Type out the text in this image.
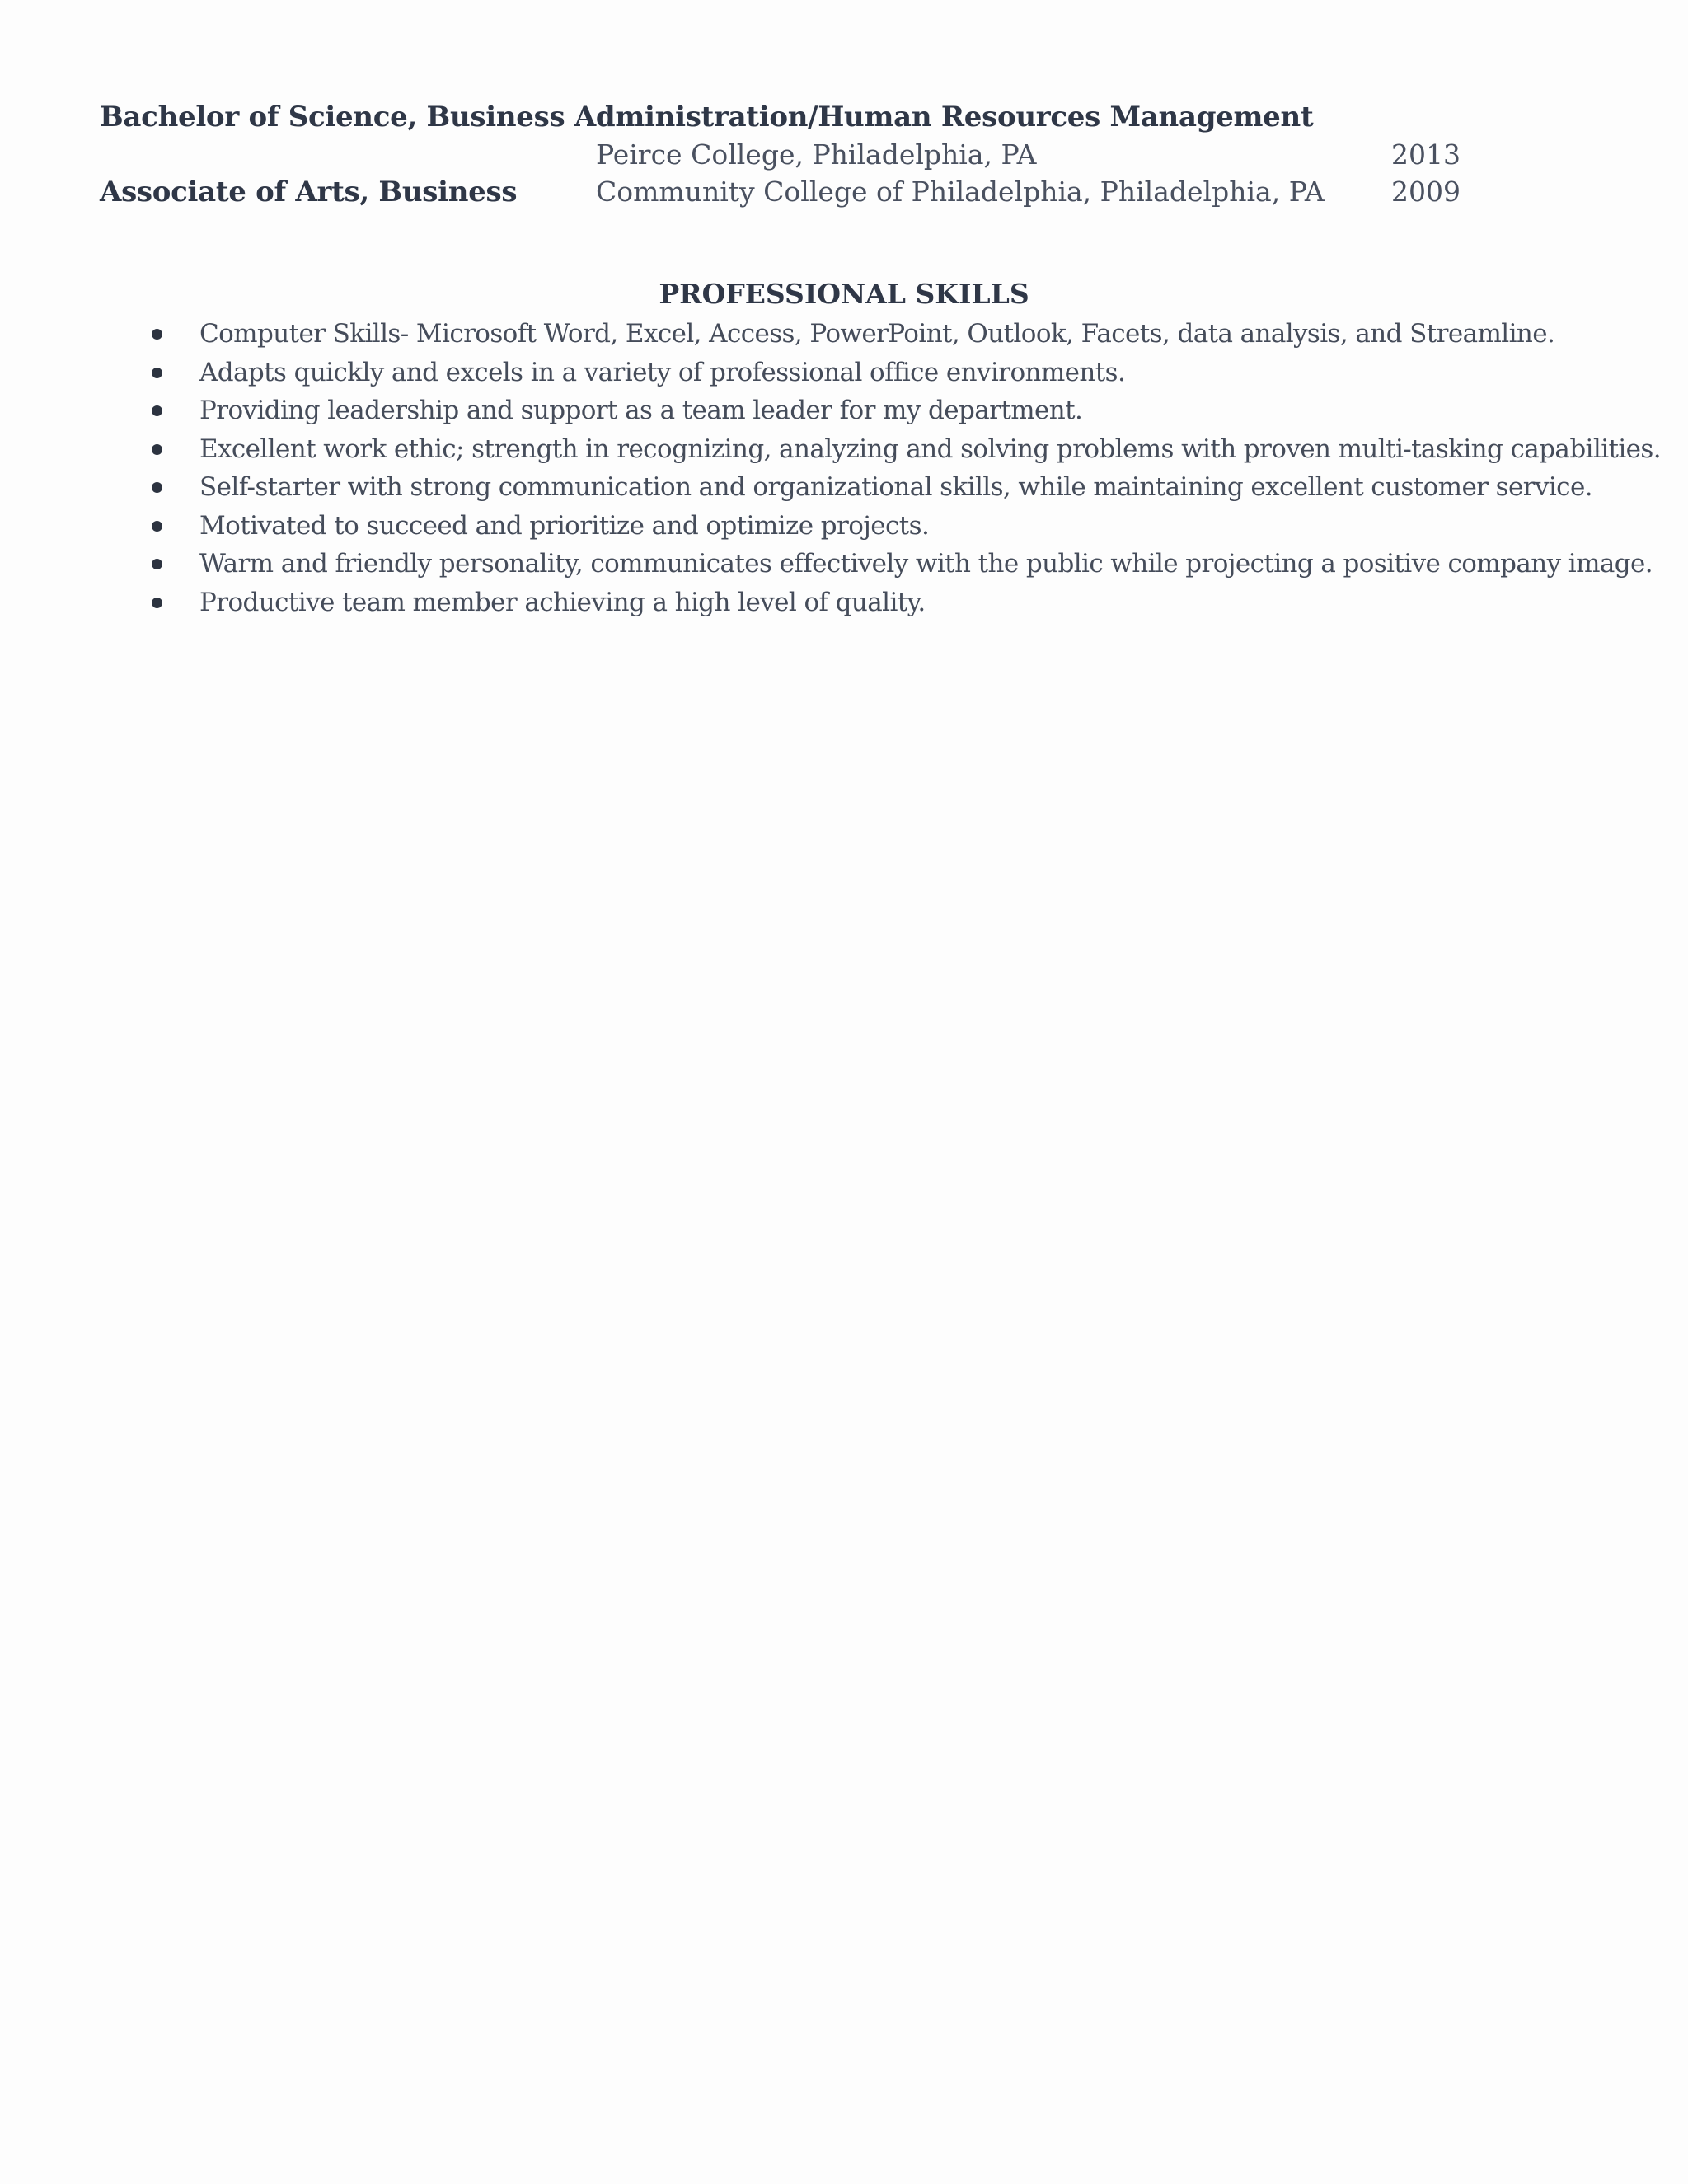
Bachelor of Science, Business Administration/Human Resources Management
Peirce College, Philadelphia, PA	2013
Associate of Arts, Business	Community College of Philadelphia, Philadelphia, PA 2009
PROFESSIONAL SKILLS
Computer Skills- Microsoft Word, Excel, Access, PowerPoint, Outlook, Facets, data analysis, and Streamline.
Adapts quickly and excels in a variety of professional office environments.
Providing leadership and support as a team leader for my department.
Excellent work ethic; strength in recognizing, analyzing and solving problems with proven multi-tasking capabilities.
Self-starter with strong communication and organizational skills, while maintaining excellent customer service.
Motivated to succeed and prioritize and optimize projects.
Warm and friendly personality, communicates effectively with the public while projecting a positive company image.
Productive team member achieving a high level of quality.
